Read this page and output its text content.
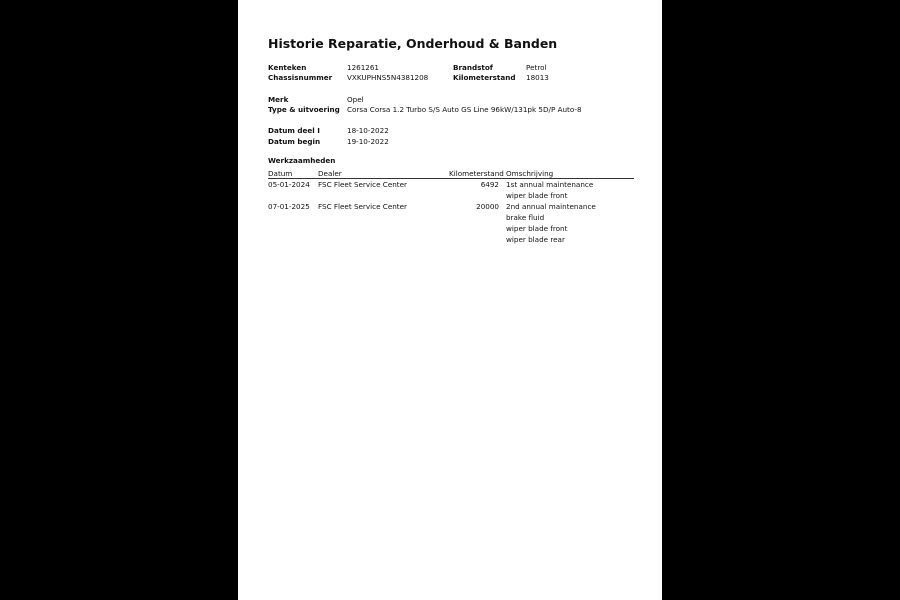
Historie Reparatie, Onderhoud & Banden
Kenteken	1261261	Brandstof	Petrol
Chassisnummer VXKUPHNS5N4381208	Kilometerstand 18013
Merk	Opel
Type & uitvoering Corsa Corsa 1.2 Turbo S/S Auto GS Line 96kW/131pk 5D/P Auto-8
Datum deel I	18-10-2022
Datum begin	19-10-2022
Werkzaamheden
Datum	Dealer	Kilometerstand Omschrijving
05-01-2024 FSC Fleet Service Center	6492 1st annual maintenance
wiper blade front
07-01-2025 FSC Fleet Service Center	20000 2nd annual maintenance
brake fluid
wiper blade front
wiper blade rear
